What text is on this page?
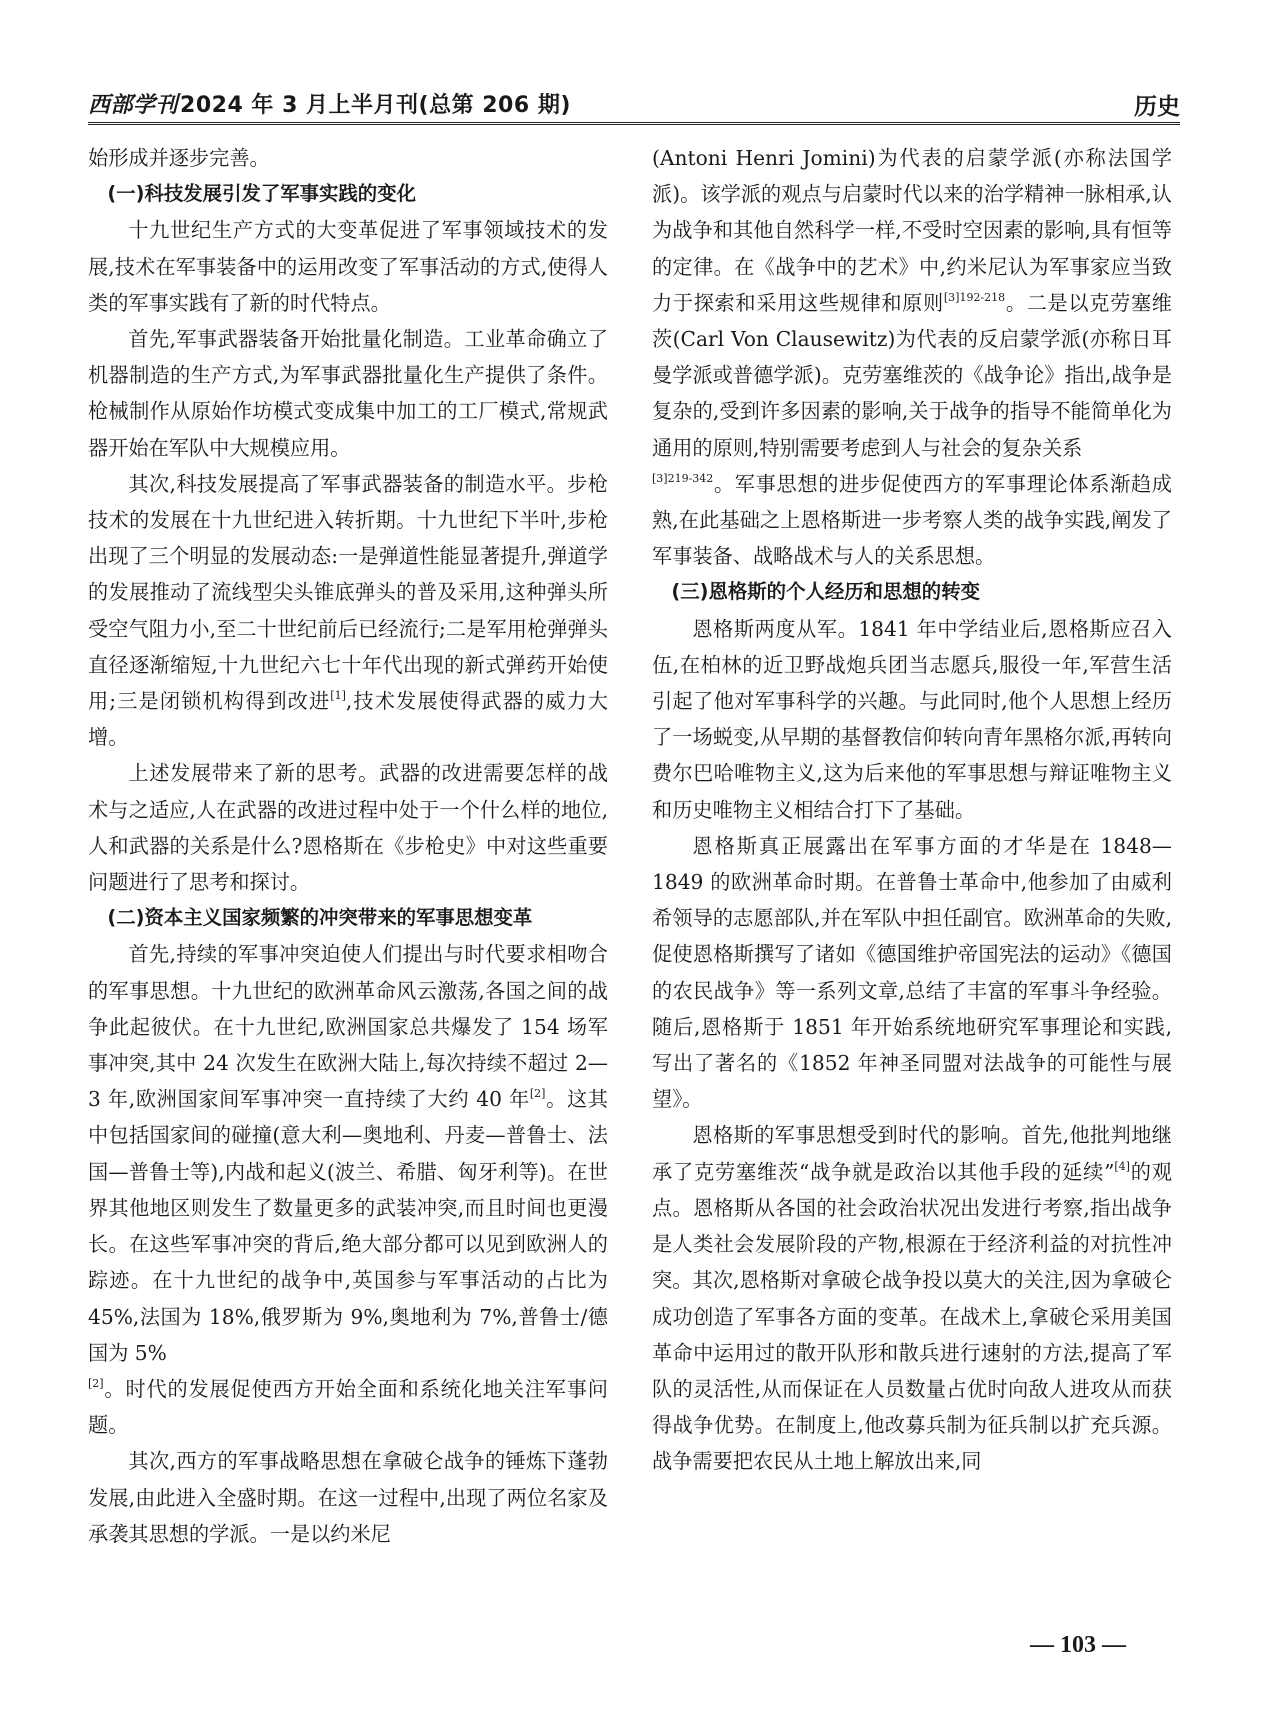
西部学刊2024 年 3 月上半月刊(总第 206 期)	历史
始形成并逐步完善。
(一)科技发展引发了军事实践的变化
十九世纪生产方式的大变革促进了军事领域技术的发展,技术在军事装备中的运用改变了军事活动的方式,使得人类的军事实践有了新的时代特点。
首先,军事武器装备开始批量化制造。工业革命确立了机器制造的生产方式,为军事武器批量化生产提供了条件。枪械制作从原始作坊模式变成集中加工的工厂模式,常规武器开始在军队中大规模应用。
其次,科技发展提高了军事武器装备的制造水平。步枪技术的发展在十九世纪进入转折期。十九世纪下半叶,步枪出现了三个明显的发展动态:一是弹道性能显著提升,弹道学的发展推动了流线型尖头锥底弹头的普及采用,这种弹头所受空气阻力小,至二十世纪前后已经流行;二是军用枪弹弹头直径逐渐缩短,十九世纪六七十年代出现的新式弹药开始使用;三是闭锁机构得到改进[1],技术发展使得武器的威力大增。
上述发展带来了新的思考。武器的改进需要怎样的战术与之适应,人在武器的改进过程中处于一个什么样的地位,人和武器的关系是什么?恩格斯在《步枪史》中对这些重要问题进行了思考和探讨。
(二)资本主义国家频繁的冲突带来的军事思想变革
首先,持续的军事冲突迫使人们提出与时代要求相吻合的军事思想。十九世纪的欧洲革命风云激荡,各国之间的战争此起彼伏。在十九世纪,欧洲国家总共爆发了 154 场军事冲突,其中 24 次发生在欧洲大陆上,每次持续不超过 2—3 年,欧洲国家间军事冲突一直持续了大约 40 年[2]。这其中包括国家间的碰撞(意大利—奥地利、丹麦—普鲁士、法国—普鲁士等),内战和起义(波兰、希腊、匈牙利等)。在世界其他地区则发生了数量更多的武装冲突,而且时间也更漫长。在这些军事冲突的背后,绝大部分都可以见到欧洲人的踪迹。在十九世纪的战争中,英国参与军事活动的占比为 45%,法国为 18%,俄罗斯为 9%,奥地利为 7%,普鲁士/德国为 5%
[2]。时代的发展促使西方开始全面和系统化地关注军事问题。
其次,西方的军事战略思想在拿破仑战争的锤炼下蓬勃发展,由此进入全盛时期。在这一过程中,出现了两位名家及承袭其思想的学派。一是以约米尼
(Antoni Henri Jomini)为代表的启蒙学派(亦称法国学派)。该学派的观点与启蒙时代以来的治学精神一脉相承,认为战争和其他自然科学一样,不受时空因素的影响,具有恒等的定律。在《战争中的艺术》中,约米尼认为军事家应当致力于探索和采用这些规律和原则$^{[3]192-218}$。二是以克劳塞维茨(Carl Von Clausewitz)为代表的反启蒙学派(亦称日耳曼学派或普德学派)。克劳塞维茨的《战争论》指出,战争是复杂的,受到许多因素的影响,关于战争的指导不能简单化为通用的原则,特别需要考虑到人与社会的复杂关系
$^{[3]219-342}$。军事思想的进步促使西方的军事理论体系渐趋成熟,在此基础之上恩格斯进一步考察人类的战争实践,阐发了军事装备、战略战术与人的关系思想。
(三)恩格斯的个人经历和思想的转变
恩格斯两度从军。1841 年中学结业后,恩格斯应召入伍,在柏林的近卫野战炮兵团当志愿兵,服役一年,军营生活引起了他对军事科学的兴趣。与此同时,他个人思想上经历了一场蜕变,从早期的基督教信仰转向青年黑格尔派,再转向费尔巴哈唯物主义,这为后来他的军事思想与辩证唯物主义和历史唯物主义相结合打下了基础。
恩格斯真正展露出在军事方面的才华是在 1848—1849 的欧洲革命时期。在普鲁士革命中,他参加了由威利希领导的志愿部队,并在军队中担任副官。欧洲革命的失败,促使恩格斯撰写了诸如《德国维护帝国宪法的运动》《德国的农民战争》等一系列文章,总结了丰富的军事斗争经验。随后,恩格斯于 1851 年开始系统地研究军事理论和实践,写出了著名的《1852 年神圣同盟对法战争的可能性与展望》。
恩格斯的军事思想受到时代的影响。首先,他批判地继承了克劳塞维茨“战争就是政治以其他手段的延续”[4]的观点。恩格斯从各国的社会政治状况出发进行考察,指出战争是人类社会发展阶段的产物,根源在于经济利益的对抗性冲突。其次,恩格斯对拿破仑战争投以莫大的关注,因为拿破仑成功创造了军事各方面的变革。在战术上,拿破仑采用美国革命中运用过的散开队形和散兵进行速射的方法,提高了军队的灵活性,从而保证在人员数量占优时向敌人进攻从而获得战争优势。在制度上,他改募兵制为征兵制以扩充兵源。战争需要把农民从土地上解放出来,同
— 103 —
